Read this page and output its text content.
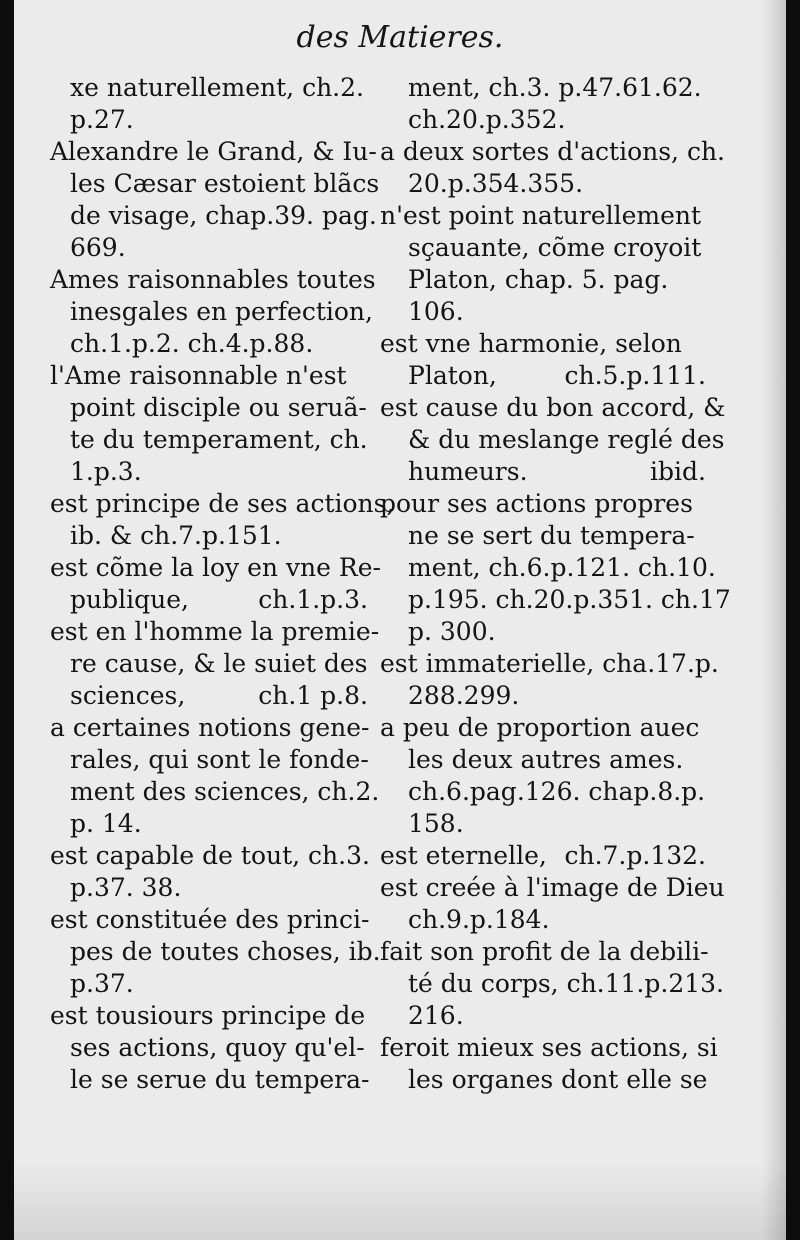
des Matieres.
xe naturellement, ch.2.
p.27.
Alexandre le Grand, & Iu-
les Cæsar estoient blãcs
de visage, chap.39. pag.
669.
Ames raisonnables toutes
inesgales en perfection,
ch.1.p.2. ch.4.p.88.
l'Ame raisonnable n'est
point disciple ou seruã-
te du temperament, ch.
1.p.3.
est principe de ses actions,
ib. & ch.7.p.151.
est cõme la loy en vne Re-
publique,	ch.1.p.3.
est en l'homme la premie-
re cause, & le suiet des
sciences,	ch.1 p.8.
a certaines notions gene-
rales, qui sont le fonde-
ment des sciences, ch.2.
p. 14.
est capable de tout, ch.3.
p.37. 38.
est constituée des princi-
pes de toutes choses, ib.
p.37.
est tousiours principe de
ses actions, quoy qu'el-
le se serue du tempera-
ment, ch.3. p.47.61.62.
ch.20.p.352.
a deux sortes d'actions, ch.
20.p.354.355.
n'est point naturellement
sçauante, cõme croyoit
Platon, chap. 5. pag.
106.
est vne harmonie, selon
Platon,	ch.5.p.111.
est cause du bon accord, &
& du meslange reglé des
humeurs.	ibid.
pour ses actions propres
ne se sert du tempera-
ment, ch.6.p.121. ch.10.
p.195. ch.20.p.351. ch.17
p. 300.
est immaterielle, cha.17.p.
288.299.
a peu de proportion auec
les deux autres ames.
ch.6.pag.126. chap.8.p.
158.
est eternelle, ch.7.p.132.
est creée à l'image de Dieu
ch.9.p.184.
fait son profit de la debili-
té du corps, ch.11.p.213.
216.
feroit mieux ses actions, si
les organes dont elle se
